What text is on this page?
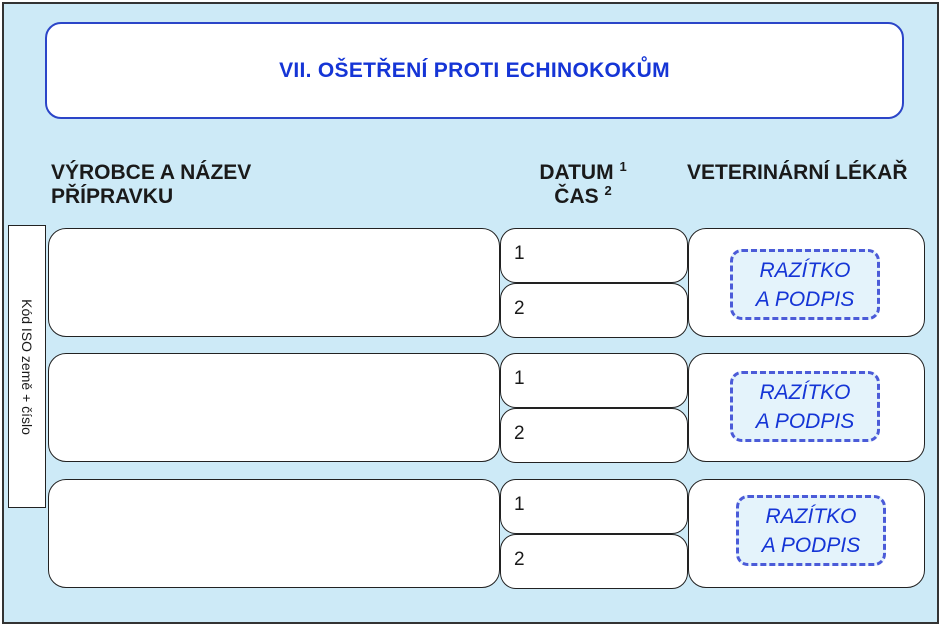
VII. OŠETŘENÍ PROTI ECHINOKOKŮM
VÝROBCE A NÁZEV
PŘÍPRAVKU
DATUM $^1$
ČAS $^2$
VETERINÁRNÍ LÉKAŘ
Kód ISO země + číslo
1
2
RAZÍTKO
A PODPIS
1
2
RAZÍTKO
A PODPIS
1
2
RAZÍTKO
A PODPIS
